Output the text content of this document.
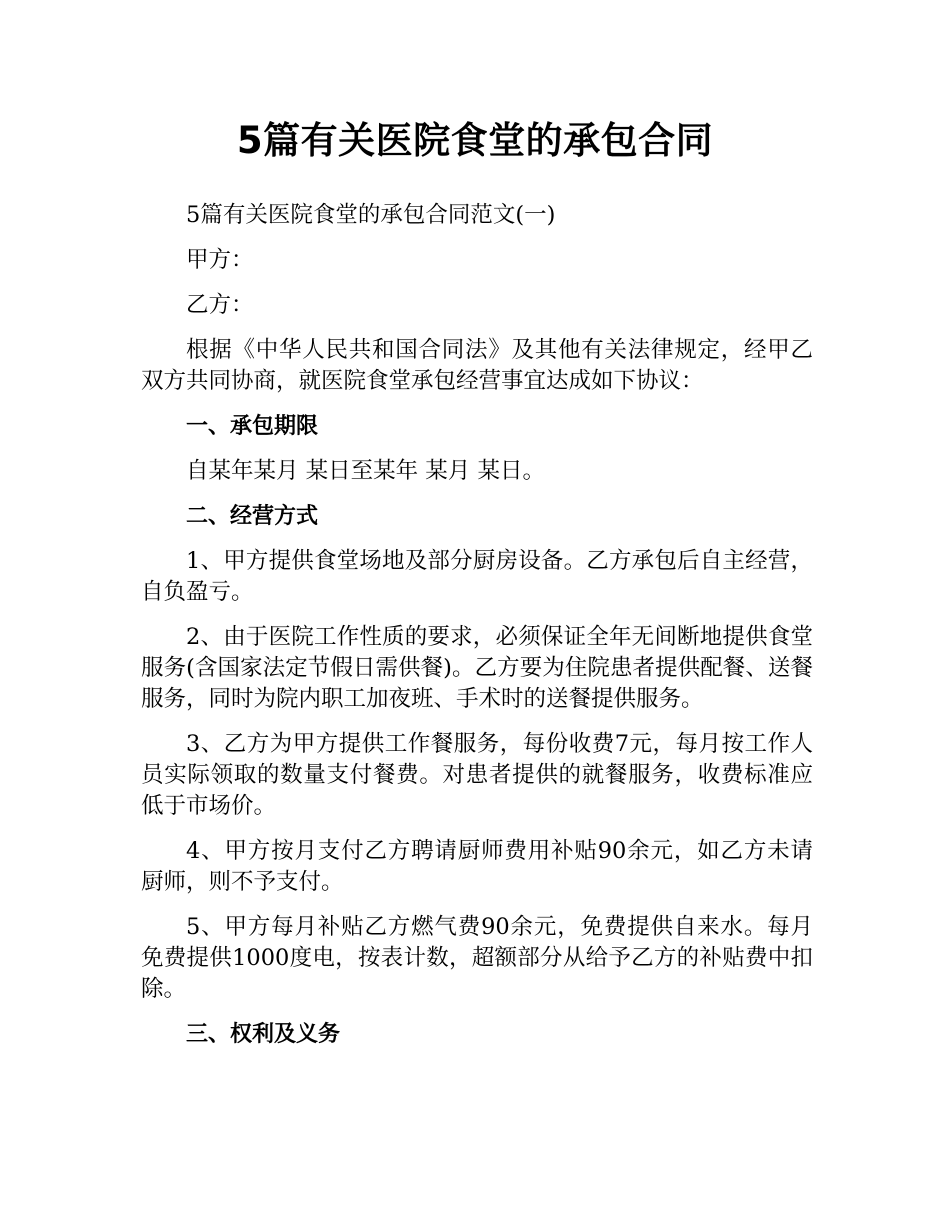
5篇有关医院食堂的承包合同

5篇有关医院食堂的承包合同范文(一)

甲方：

乙方：

根据《中华人民共和国合同法》及其他有关法律规定，经甲乙双方共同协商，就医院食堂承包经营事宜达成如下协议：

一、承包期限

自某年某月 某日至某年 某月 某日。

二、经营方式

1、甲方提供食堂场地及部分厨房设备。乙方承包后自主经营，自负盈亏。

2、由于医院工作性质的要求，必须保证全年无间断地提供食堂服务(含国家法定节假日需供餐)。乙方要为住院患者提供配餐、送餐服务，同时为院内职工加夜班、手术时的送餐提供服务。

3、乙方为甲方提供工作餐服务，每份收费7元，每月按工作人员实际领取的数量支付餐费。对患者提供的就餐服务，收费标准应低于市场价。

4、甲方按月支付乙方聘请厨师费用补贴90余元，如乙方未请厨师，则不予支付。

5、甲方每月补贴乙方燃气费90余元，免费提供自来水。每月免费提供1000度电，按表计数，超额部分从给予乙方的补贴费中扣除。

三、权利及义务
